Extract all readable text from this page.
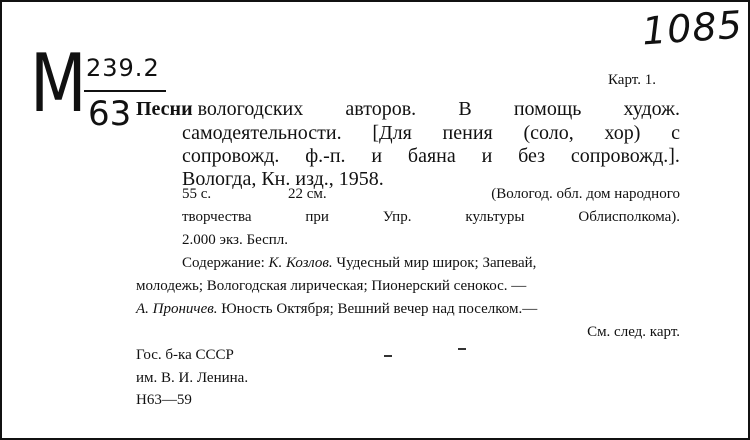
1085
М 239.2
63
Карт. 1.
Песни вологодских авторов. В помощь худож.
самодеятельности. [Для пения (соло, хор) с
сопровожд. ф.-п. и баяна и без сопровожд.].
Вологда, Кн. изд., 1958.
55 с.	22 см.	(Вологод. обл. дом народного
творчества	при	Упр.	культуры	Облисполкома).
2.000 экз. Беспл.
Содержание: К. Козлов. Чудесный мир широк; Запевай,
молодежь; Вологодская лирическая; Пионерский сенокос. —
А. Проничев. Юность Октября; Вешний вечер над поселком.—
См. след. карт.
Гос. б-ка СССР
им. В. И. Ленина.
Н63—59
